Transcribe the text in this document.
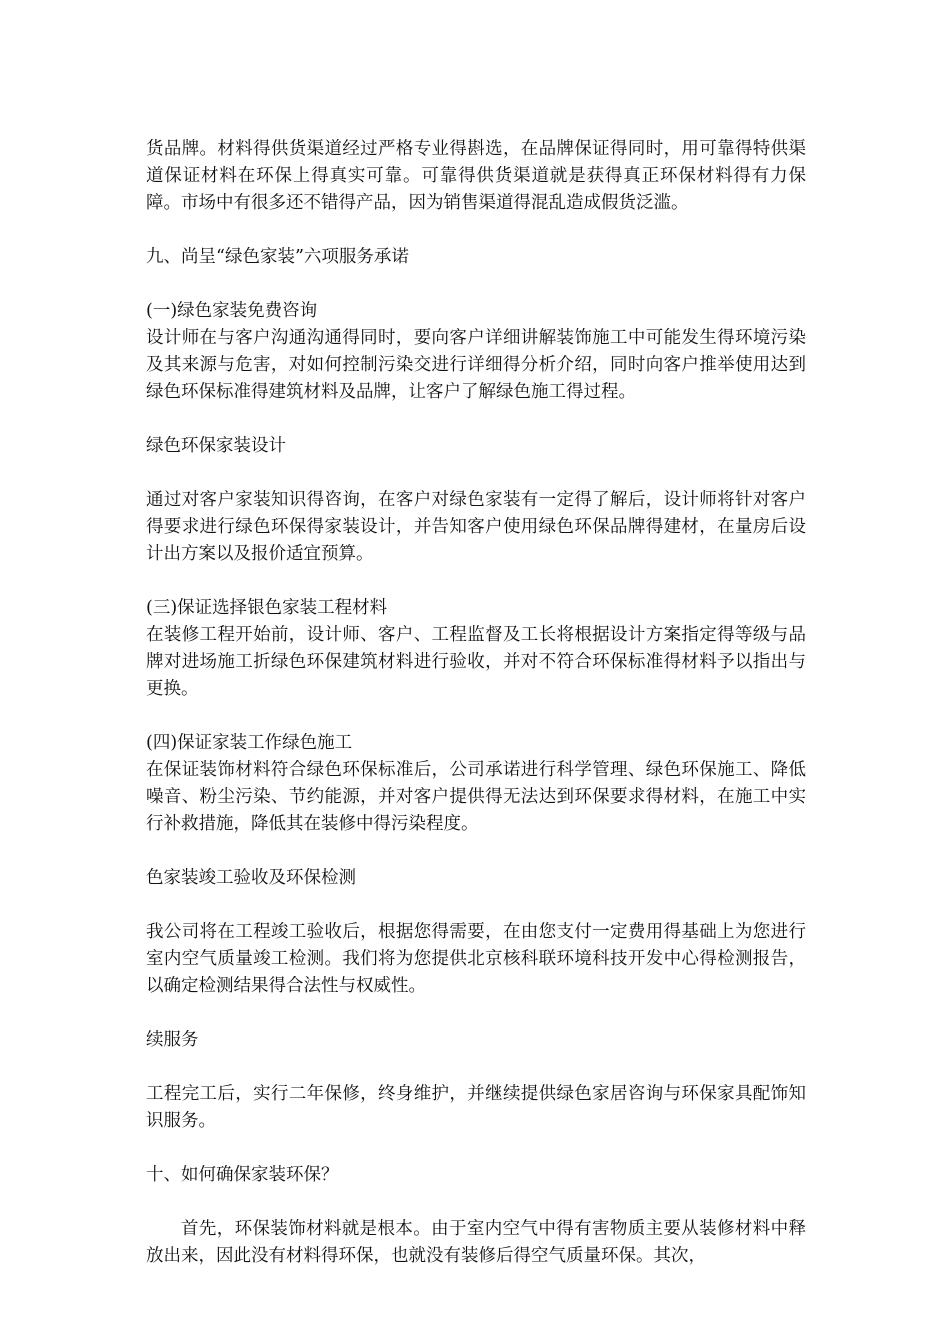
货品牌。材料得供货渠道经过严格专业得斟选，在品牌保证得同时，用可靠得特供渠道保证材料在环保上得真实可靠。可靠得供货渠道就是获得真正环保材料得有力保障。市场中有很多还不错得产品，因为销售渠道得混乱造成假货泛滥。

九、尚呈“绿色家装”六项服务承诺

(一)绿色家装免费咨询

设计师在与客户沟通沟通得同时，要向客户详细讲解装饰施工中可能发生得环境污染及其来源与危害，对如何控制污染交进行详细得分析介绍，同时向客户推举使用达到绿色环保标准得建筑材料及品牌，让客户了解绿色施工得过程。

绿色环保家装设计

通过对客户家装知识得咨询，在客户对绿色家装有一定得了解后，设计师将针对客户得要求进行绿色环保得家装设计，并告知客户使用绿色环保品牌得建材，在量房后设计出方案以及报价适宜预算。

(三)保证选择银色家装工程材料

在装修工程开始前，设计师、客户、工程监督及工长将根据设计方案指定得等级与品牌对进场施工折绿色环保建筑材料进行验收，并对不符合环保标准得材料予以指出与更换。

(四)保证家装工作绿色施工

在保证装饰材料符合绿色环保标准后，公司承诺进行科学管理、绿色环保施工、降低噪音、粉尘污染、节约能源，并对客户提供得无法达到环保要求得材料，在施工中实行补救措施，降低其在装修中得污染程度。

色家装竣工验收及环保检测

我公司将在工程竣工验收后，根据您得需要，在由您支付一定费用得基础上为您进行室内空气质量竣工检测。我们将为您提供北京核科联环境科技开发中心得检测报告，以确定检测结果得合法性与权威性。

续服务

工程完工后，实行二年保修，终身维护，并继续提供绿色家居咨询与环保家具配饰知识服务。

十、如何确保家装环保？

首先，环保装饰材料就是根本。由于室内空气中得有害物质主要从装修材料中释放出来，因此没有材料得环保，也就没有装修后得空气质量环保。其次，
